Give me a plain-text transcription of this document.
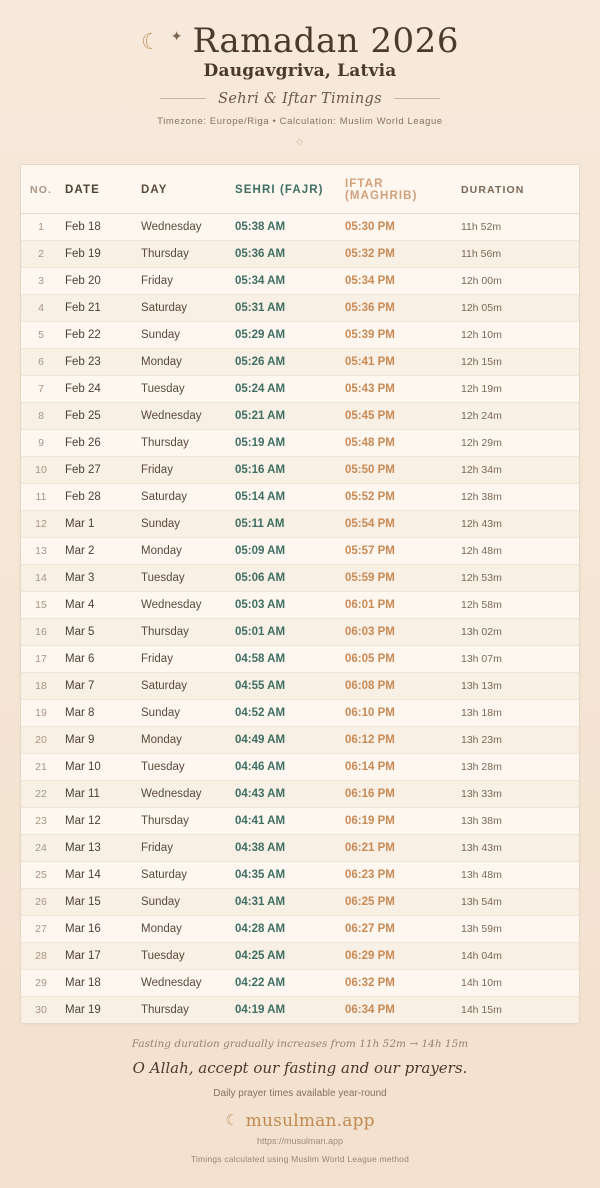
☾ ✦ Ramadan 2026
Daugavgriva, Latvia
Sehri & Iftar Timings
Timezone: Europe/Riga • Calculation: Muslim World League
◇
NO.	DATE	DAY	SEHRI (FAJR)	IFTAR (MAGHRIB)	DURATION
1	Feb 18	Wednesday	05:38 AM	05:30 PM	11h 52m
2	Feb 19	Thursday	05:36 AM	05:32 PM	11h 56m
3	Feb 20	Friday	05:34 AM	05:34 PM	12h 00m
4	Feb 21	Saturday	05:31 AM	05:36 PM	12h 05m
5	Feb 22	Sunday	05:29 AM	05:39 PM	12h 10m
6	Feb 23	Monday	05:26 AM	05:41 PM	12h 15m
7	Feb 24	Tuesday	05:24 AM	05:43 PM	12h 19m
8	Feb 25	Wednesday	05:21 AM	05:45 PM	12h 24m
9	Feb 26	Thursday	05:19 AM	05:48 PM	12h 29m
10	Feb 27	Friday	05:16 AM	05:50 PM	12h 34m
11	Feb 28	Saturday	05:14 AM	05:52 PM	12h 38m
12	Mar 1	Sunday	05:11 AM	05:54 PM	12h 43m
13	Mar 2	Monday	05:09 AM	05:57 PM	12h 48m
14	Mar 3	Tuesday	05:06 AM	05:59 PM	12h 53m
15	Mar 4	Wednesday	05:03 AM	06:01 PM	12h 58m
16	Mar 5	Thursday	05:01 AM	06:03 PM	13h 02m
17	Mar 6	Friday	04:58 AM	06:05 PM	13h 07m
18	Mar 7	Saturday	04:55 AM	06:08 PM	13h 13m
19	Mar 8	Sunday	04:52 AM	06:10 PM	13h 18m
20	Mar 9	Monday	04:49 AM	06:12 PM	13h 23m
21	Mar 10	Tuesday	04:46 AM	06:14 PM	13h 28m
22	Mar 11	Wednesday	04:43 AM	06:16 PM	13h 33m
23	Mar 12	Thursday	04:41 AM	06:19 PM	13h 38m
24	Mar 13	Friday	04:38 AM	06:21 PM	13h 43m
25	Mar 14	Saturday	04:35 AM	06:23 PM	13h 48m
26	Mar 15	Sunday	04:31 AM	06:25 PM	13h 54m
27	Mar 16	Monday	04:28 AM	06:27 PM	13h 59m
28	Mar 17	Tuesday	04:25 AM	06:29 PM	14h 04m
29	Mar 18	Wednesday	04:22 AM	06:32 PM	14h 10m
30	Mar 19	Thursday	04:19 AM	06:34 PM	14h 15m
Fasting duration gradually increases from 11h 52m → 14h 15m
O Allah, accept our fasting and our prayers.
Daily prayer times available year-round
☾ musulman.app
https://musulman.app
Timings calculated using Muslim World League method
